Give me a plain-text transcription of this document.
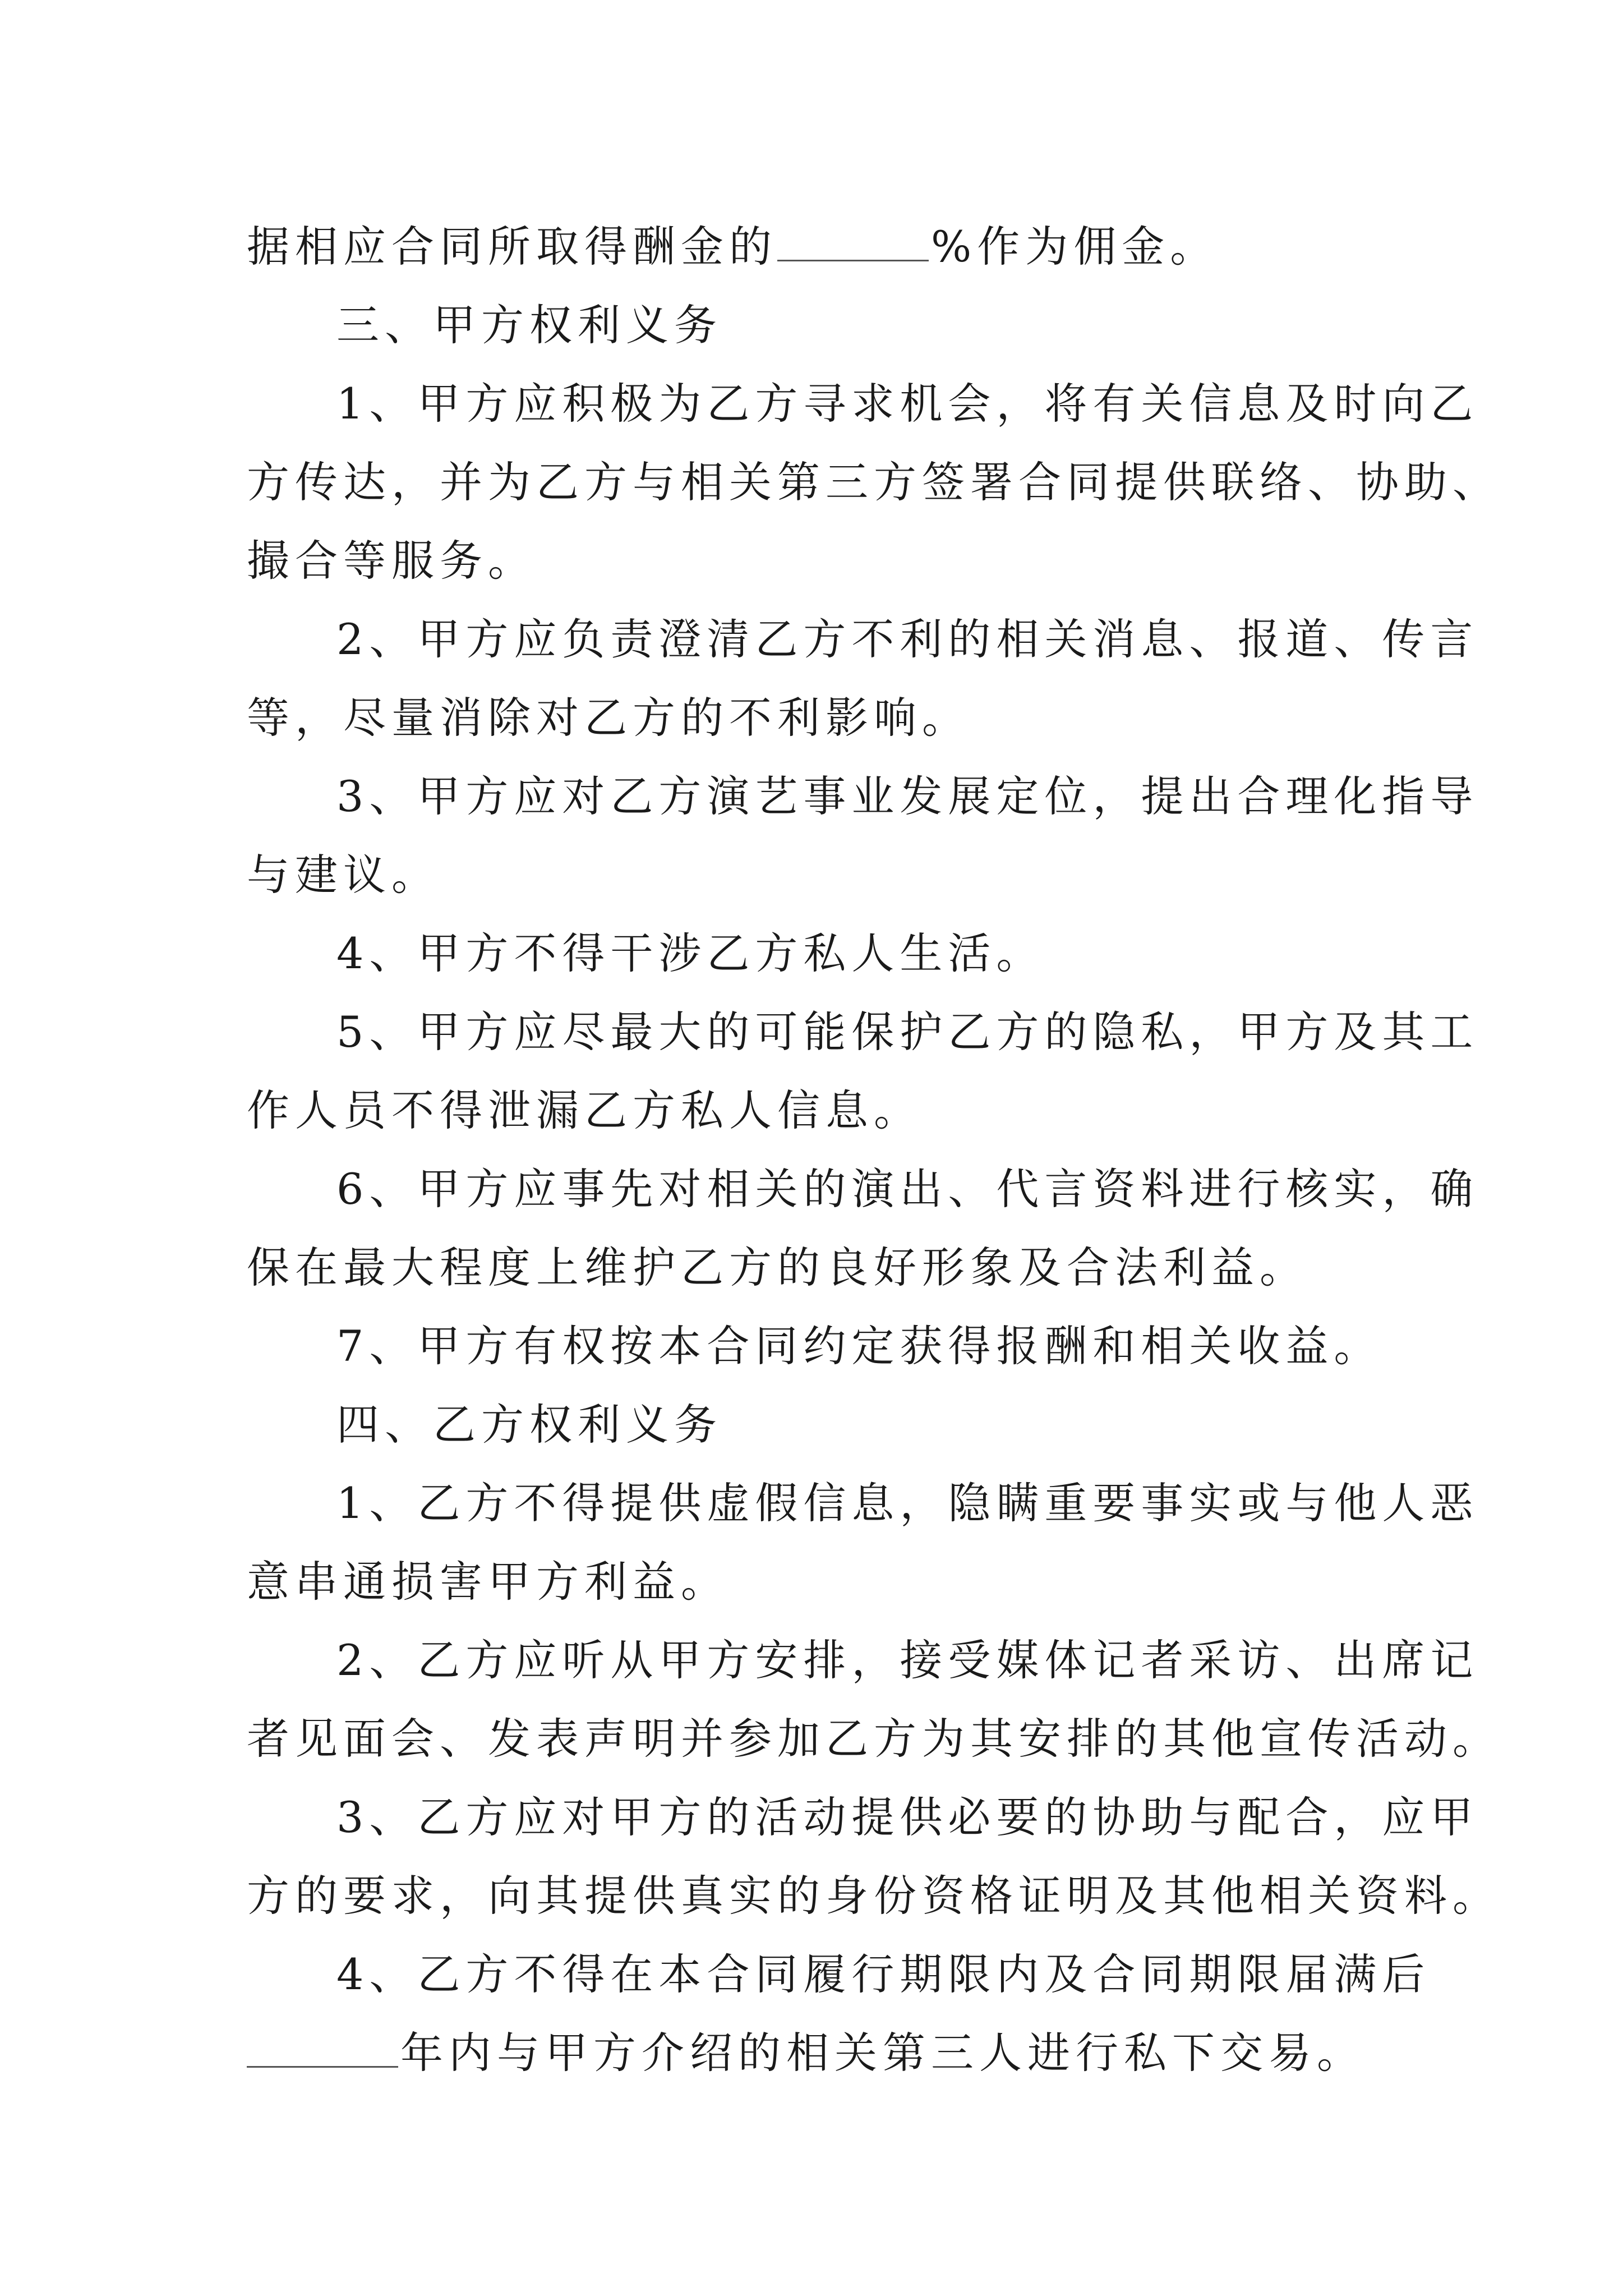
据相应合同所取得酬金的	%作为佣金。
三、甲方权利义务
1、甲方应积极为乙方寻求机会，将有关信息及时向乙
方传达，并为乙方与相关第三方签署合同提供联络、协助、
撮合等服务。
2、甲方应负责澄清乙方不利的相关消息、报道、传言
等，尽量消除对乙方的不利影响。
3、甲方应对乙方演艺事业发展定位，提出合理化指导
与建议。
4、甲方不得干涉乙方私人生活。
5、甲方应尽最大的可能保护乙方的隐私，甲方及其工
作人员不得泄漏乙方私人信息。
6、甲方应事先对相关的演出、代言资料进行核实，确
保在最大程度上维护乙方的良好形象及合法利益。
7、甲方有权按本合同约定获得报酬和相关收益。
四、乙方权利义务
1、乙方不得提供虚假信息，隐瞒重要事实或与他人恶
意串通损害甲方利益。
2、乙方应听从甲方安排，接受媒体记者采访、出席记
者见面会、发表声明并参加乙方为其安排的其他宣传活动。
3、乙方应对甲方的活动提供必要的协助与配合，应甲
方的要求，向其提供真实的身份资格证明及其他相关资料。
4、乙方不得在本合同履行期限内及合同期限届满后
年内与甲方介绍的相关第三人进行私下交易。
